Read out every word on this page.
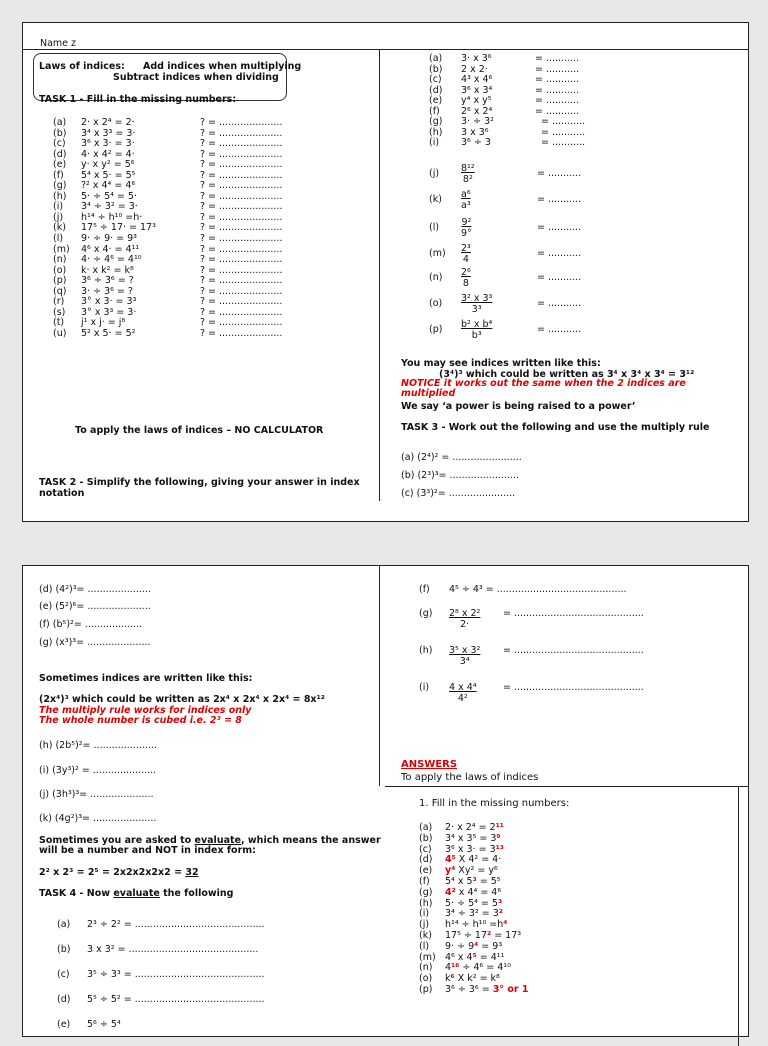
Name z
Laws of indices: Add indices when multiplying
Subtract indices when dividing
TASK 1 - Fill in the missing numbers:
(a) 2· x 2⁴ = 2·	? = .....................
(b) 3⁴ x 3³ = 3·	? = .....................
(c) 3⁶ x 3· = 3·	? = .....................
(d) 4· x 4² = 4·	? = .....................
(e) y· x y² = 5⁶	? = .....................
(f) 5⁴ x 5· = 5⁵	? = .....................
(g) ?² x 4⁴ = 4⁶	? = .....................
(h) 5· ÷ 5⁴ = 5·	? = .....................
(i) 3⁴ ÷ 3² = 3·	? = .....................
(j) h¹⁴ ÷ h¹⁰ =h·	? = .....................
(k) 17⁵ ÷ 17· = 17³	? = .....................
(l) 9· ÷ 9· = 9³	? = .....................
(m) 4⁶ x 4· = 4¹¹	? = .....................
(n) 4· ÷ 4⁶ = 4¹⁰	? = .....................
(o) k· x k² = k⁸	? = .....................
(p) 3⁶ ÷ 3⁶ = ?	? = .....................
(q) 3· ÷ 3⁶ = ?	? = .....................
(r) 3° x 3· = 3³	? = .....................
(s) 3° x 3³ = 3·	? = .....................
(t) j¹ x j· = j⁸	? = .....................
(u) 5² x 5· = 5²	? = .....................
To apply the laws of indices – NO CALCULATOR
TASK 2 - Simplify the following, giving your answer in index notation
(a) 3· x 3⁶	= ...........
(b) 2 x 2·	= ...........
(c) 4³ x 4⁶	= ...........
(d) 3⁶ x 3⁴	= ...........
(e) y⁴ x y⁵	= ...........
(f) 2⁶ x 2⁴	= ...........
(g) 3· ÷ 3²	= ...........
(h) 3 x 3⁶	= ...........
(i) 3⁶ ÷ 3	= ...........
$(j) \frac{\text{8¹²}}{\text{8²}}$	= ...........
$(k) \frac{\text{a⁶}}{\text{a³}}$	= ...........
$(l) \frac{\text{9²}}{9^\circ}$	= ...........
$(m) \frac{\text{2³}}{4}$	= ...........
$(n) \frac{\text{2⁶}}{8}$	= ...........
$(o) \frac{\text{3² x 3³}}{\text{3³}}$	= ...........
$(p) \frac{\text{b² x b⁴}}{\text{b³}}$	= ...........
You may see indices written like this:
(3⁴)³ which could be written as 3⁴ x 3⁴ x 3⁴ = 3¹²
NOTICE it works out the same when the 2 indices are multiplied
We say ‘a power is being raised to a power’
TASK 3 - Work out the following and use the multiply rule
(a) (2⁴)² = .......................
(b) (2³)³= .......................
(c) (3³)²= ......................
(d) (4²)³= .....................
(e) (5²)⁶= .....................
(f) (b⁵)²= ...................
(g) (x³)³= .....................
Sometimes indices are written like this:
(2x⁴)³ which could be written as 2x⁴ x 2x⁴ x 2x⁴ = 8x¹²
The multiply rule works for indices only
The whole number is cubed i.e. 2³ = 8
(h) (2b⁵)²= .....................
(i) (3y³)² = .....................
(j) (3h³)³= .....................
(k) (4g²)³= .....................
Sometimes you are asked to evaluate, which means the answer
will be a number and NOT in index form:
2² x 2³ = 2⁵ = 2x2x2x2x2 = 32
TASK 4 - Now evaluate the following
(a) 2³ ÷ 2² = ...........................................
(b) 3 x 3² = ...........................................
(c) 3⁵ ÷ 3³ = ...........................................
(d) 5⁵ ÷ 5² = ...........................................
(e) 5⁶ ÷ 5⁴
(f) 4⁵ ÷ 4³ = ...........................................
$(g) \frac{\text{2⁸ x 2²}}{2\cdot}$ = ...........................................
$(h) \frac{\text{3⁵ x 3²}}{\text{3⁴}}$ = ...........................................
$(i) \frac{\text{4 x 4⁴}}{\text{4²}}$	= ...........................................
ANSWERS
To apply the laws of indices
1. Fill in the missing numbers:
(a) 2· x 2⁴ = 2¹¹
(b) 3⁴ x 3⁵ = 3⁹
(c) 3⁶ x 3· = 3¹³
(d) 4⁵ X 4² = 4·
(e) y⁴ Xy² = y⁶
(f) 5⁴ x 5³ = 5⁵
(g) 4² x 4⁴ = 4⁶
(h) 5· ÷ 5⁴ = 5³
(i) 3⁴ ÷ 3² = 3²
(j) h¹⁴ ÷ h¹⁰ =h⁴
(k) 17⁵ ÷ 17² = 17³
(l) 9· ÷ 9⁴ = 9³
(m) 4⁶ x 4⁵ = 4¹¹
(n) 4¹⁶ ÷ 4⁶ = 4¹⁰
(o) k⁶ X k² = k⁸
(p) 3⁶ ÷ 3⁶ = 3° or 1
